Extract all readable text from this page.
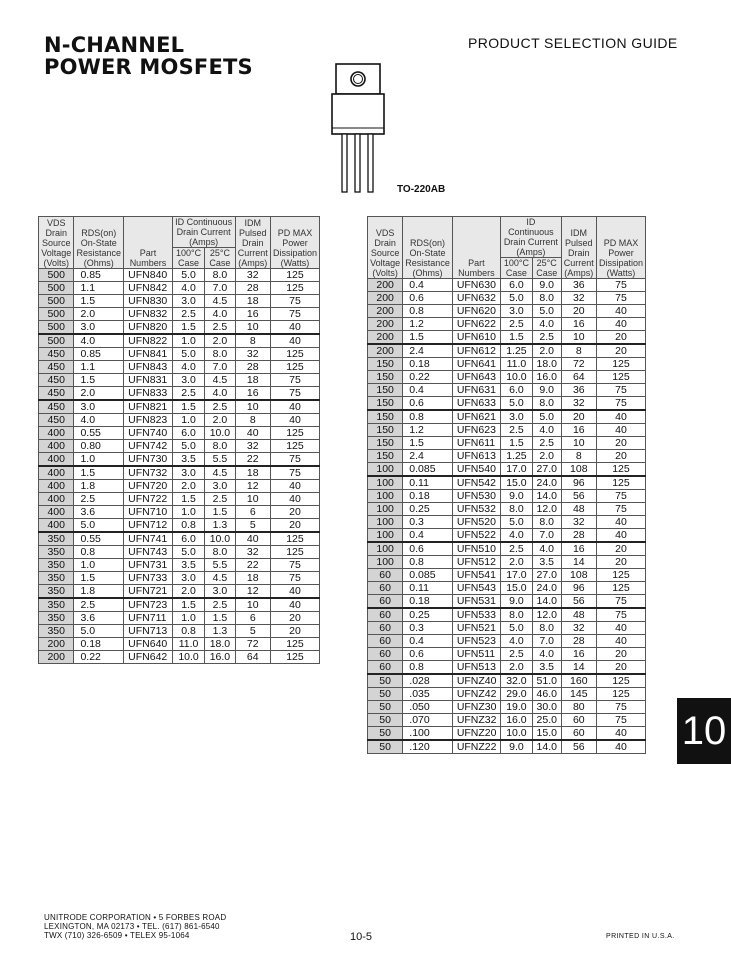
N-CHANNEL
POWER MOSFETS
PRODUCT SELECTION GUIDE
TO-220AB
VDS Drain Source Voltage (Volts)	RDS(on) On-State Resistance (Ohms)	Part Numbers	ID Continuous Drain Current (Amps)		IDM Pulsed Drain Current (Amps)	PD MAX Power Dissipation (Watts)
			100°C Case	25°C Case		
500	0.85	UFN840	5.0	8.0	32	125
500	1.1	UFN842	4.0	7.0	28	125
500	1.5	UFN830	3.0	4.5	18	75
500	2.0	UFN832	2.5	4.0	16	75
500	3.0	UFN820	1.5	2.5	10	40
500	4.0	UFN822	1.0	2.0	8	40
450	0.85	UFN841	5.0	8.0	32	125
450	1.1	UFN843	4.0	7.0	28	125
450	1.5	UFN831	3.0	4.5	18	75
450	2.0	UFN833	2.5	4.0	16	75
450	3.0	UFN821	1.5	2.5	10	40
450	4.0	UFN823	1.0	2.0	8	40
400	0.55	UFN740	6.0	10.0	40	125
400	0.80	UFN742	5.0	8.0	32	125
400	1.0	UFN730	3.5	5.5	22	75
400	1.5	UFN732	3.0	4.5	18	75
400	1.8	UFN720	2.0	3.0	12	40
400	2.5	UFN722	1.5	2.5	10	40
400	3.6	UFN710	1.0	1.5	6	20
400	5.0	UFN712	0.8	1.3	5	20
350	0.55	UFN741	6.0	10.0	40	125
350	0.8	UFN743	5.0	8.0	32	125
350	1.0	UFN731	3.5	5.5	22	75
350	1.5	UFN733	3.0	4.5	18	75
350	1.8	UFN721	2.0	3.0	12	40
350	2.5	UFN723	1.5	2.5	10	40
350	3.6	UFN711	1.0	1.5	6	20
350	5.0	UFN713	0.8	1.3	5	20
200	0.18	UFN640	11.0	18.0	72	125
200	0.22	UFN642	10.0	16.0	64	125
VDS Drain Source Voltage (Volts)	RDS(on) On-State Resistance (Ohms)	Part Numbers	ID Continuous Drain Current (Amps)		IDM Pulsed Drain Current (Amps)	PD MAX Power Dissipation (Watts)
			100°C Case	25°C Case		
200	0.4	UFN630	6.0	9.0	36	75
200	0.6	UFN632	5.0	8.0	32	75
200	0.8	UFN620	3.0	5.0	20	40
200	1.2	UFN622	2.5	4.0	16	40
200	1.5	UFN610	1.5	2.5	10	20
200	2.4	UFN612	1.25	2.0	8	20
150	0.18	UFN641	11.0	18.0	72	125
150	0.22	UFN643	10.0	16.0	64	125
150	0.4	UFN631	6.0	9.0	36	75
150	0.6	UFN633	5.0	8.0	32	75
150	0.8	UFN621	3.0	5.0	20	40
150	1.2	UFN623	2.5	4.0	16	40
150	1.5	UFN611	1.5	2.5	10	20
150	2.4	UFN613	1.25	2.0	8	20
100	0.085	UFN540	17.0	27.0	108	125
100	0.11	UFN542	15.0	24.0	96	125
100	0.18	UFN530	9.0	14.0	56	75
100	0.25	UFN532	8.0	12.0	48	75
100	0.3	UFN520	5.0	8.0	32	40
100	0.4	UFN522	4.0	7.0	28	40
100	0.6	UFN510	2.5	4.0	16	20
100	0.8	UFN512	2.0	3.5	14	20
60	0.085	UFN541	17.0	27.0	108	125
60	0.11	UFN543	15.0	24.0	96	125
60	0.18	UFN531	9.0	14.0	56	75
60	0.25	UFN533	8.0	12.0	48	75
60	0.3	UFN521	5.0	8.0	32	40
60	0.4	UFN523	4.0	7.0	28	40
60	0.6	UFN511	2.5	4.0	16	20
60	0.8	UFN513	2.0	3.5	14	20
50	.028	UFNZ40	32.0	51.0	160	125
50	.035	UFNZ42	29.0	46.0	145	125
50	.050	UFNZ30	19.0	30.0	80	75
50	.070	UFNZ32	16.0	25.0	60	75
50	.100	UFNZ20	10.0	15.0	60	40
50	.120	UFNZ22	9.0	14.0	56	40 10
UNITRODE CORPORATION • 5 FORBES ROAD
LEXINGTON, MA 02173 • TEL. (617) 861-6540
TWX (710) 326-6509 • TELEX 95-1064	10-5	PRINTED IN U.S.A.
